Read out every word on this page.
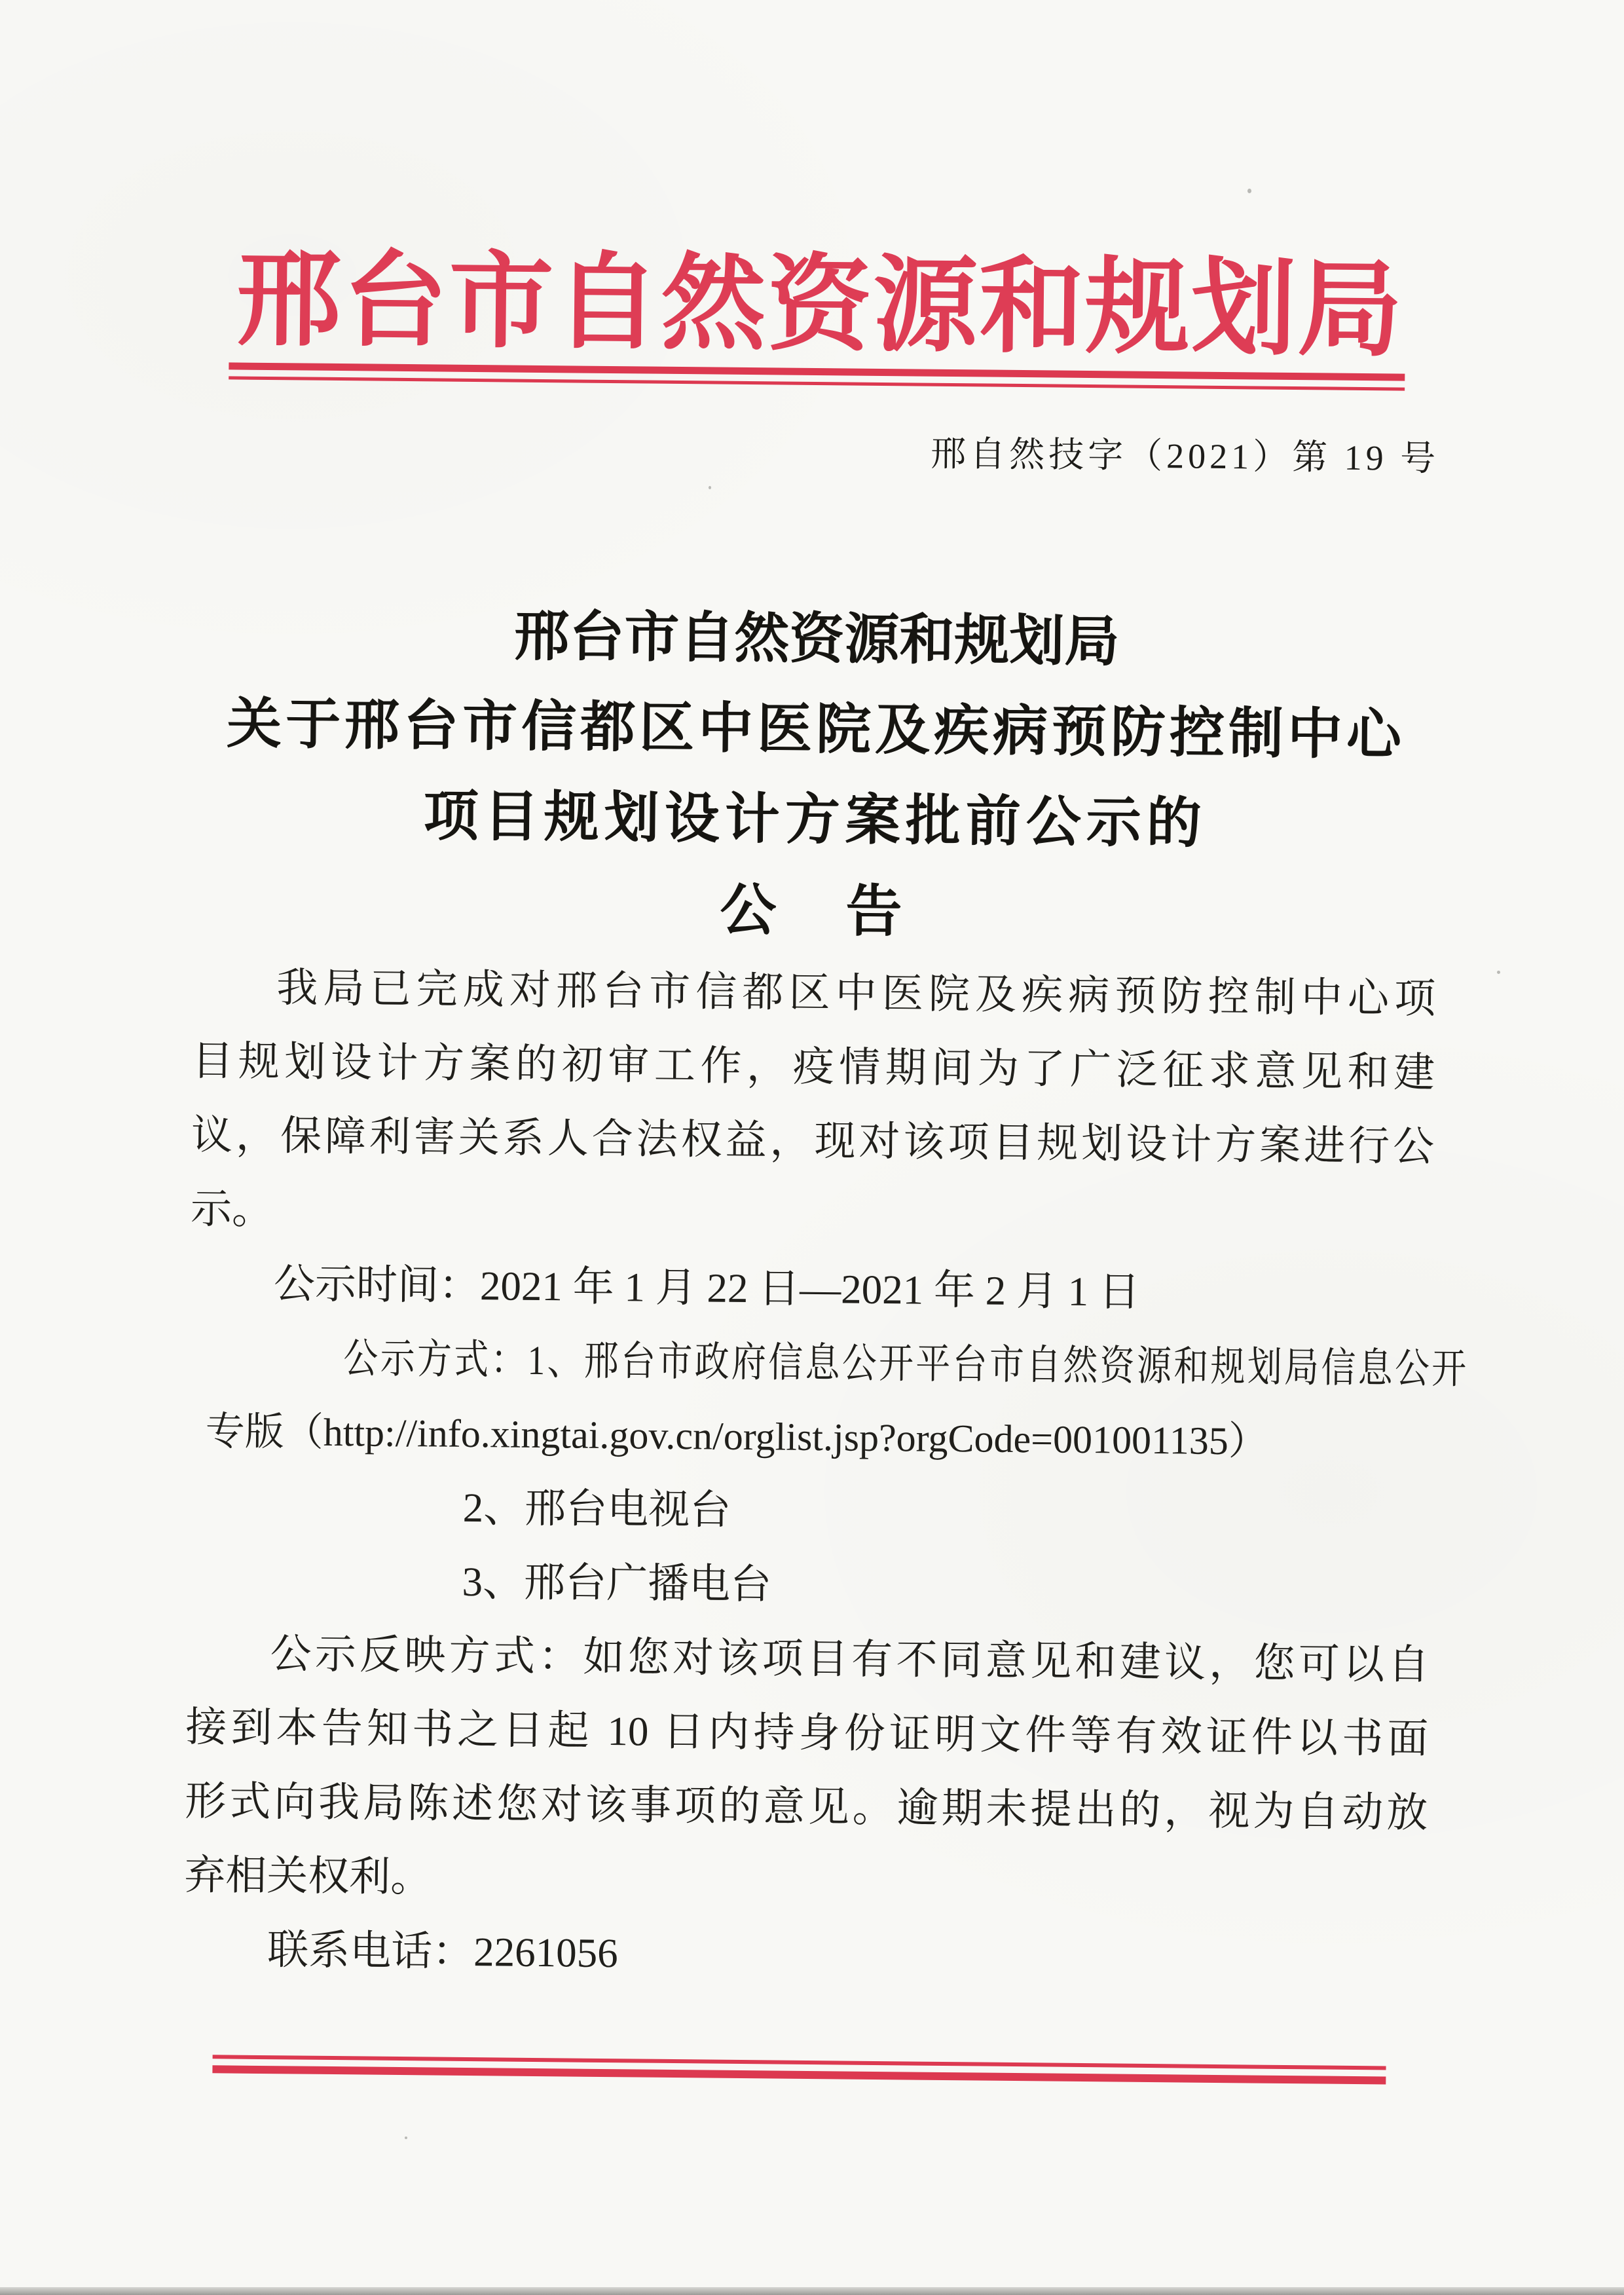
邢台市自然资源和规划局
邢自然技字（2021）第 19 号
邢台市自然资源和规划局
关于邢台市信都区中医院及疾病预防控制中心
项目规划设计方案批前公示的
公　告

我局已完成对邢台市信都区中医院及疾病预防控制中心项

目规划设计方案的初审工作，疫情期间为了广泛征求意见和建

议，保障利害关系人合法权益，现对该项目规划设计方案进行公

示。

公示时间：2021 年 1 月 22 日—2021 年 2 月 1 日

公示方式：1、邢台市政府信息公开平台市自然资源和规划局信息公开

专版（http://info.xingtai.gov.cn/orglist.jsp?orgCode=001001135）

2、邢台电视台

3、邢台广播电台

公示反映方式：如您对该项目有不同意见和建议，您可以自

接到本告知书之日起 10 日内持身份证明文件等有效证件以书面

形式向我局陈述您对该事项的意见。逾期未提出的，视为自动放

弃相关权利。

联系电话：2261056
